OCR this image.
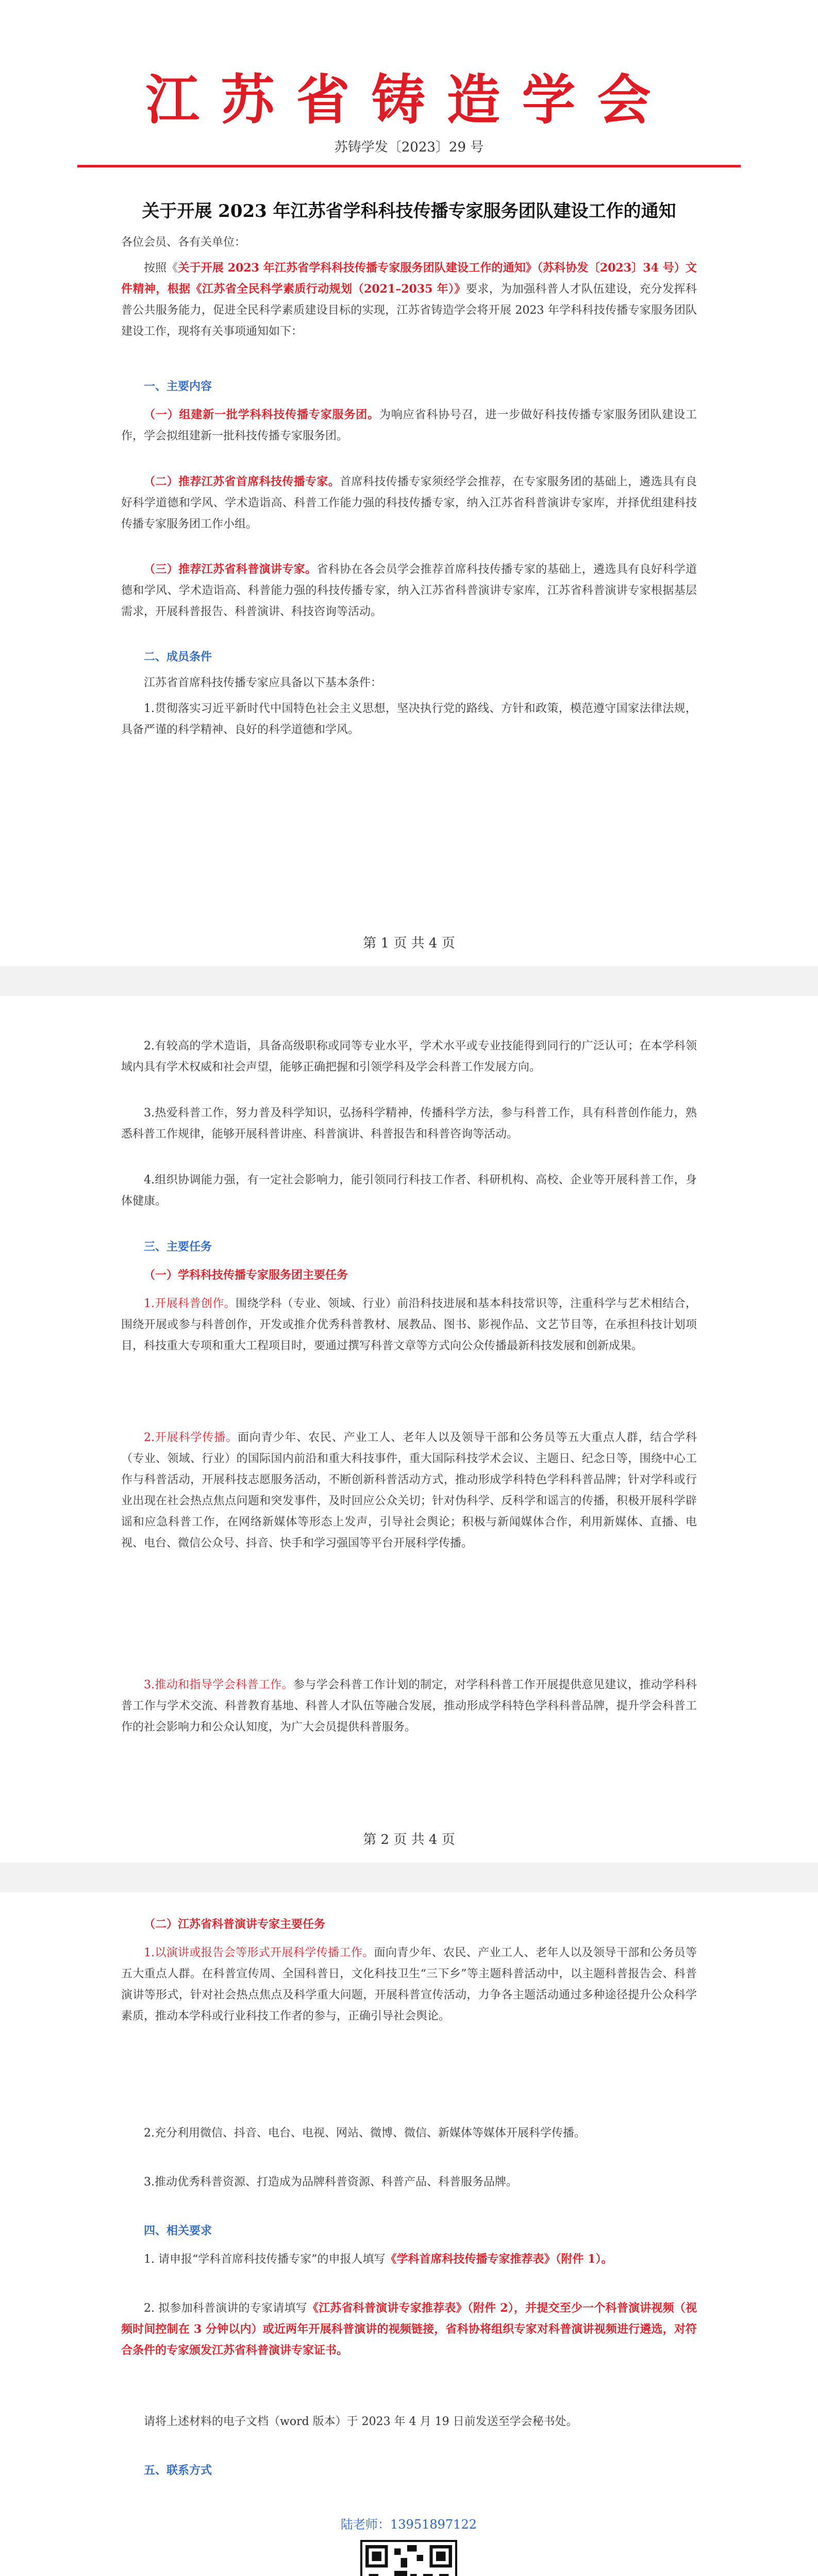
江苏省铸造学会
苏铸学发〔2023〕29 号
关于开展 2023 年江苏省学科科技传播专家服务团队建设工作的通知

各位会员、各有关单位：

按照《关于开展 2023 年江苏省学科科技传播专家服务团队建设工作的通知》（苏科协发〔2023〕34 号）文件精神，根据《江苏省全民科学素质行动规划（2021–2035 年）》要求，为加强科普人才队伍建设，充分发挥科普公共服务能力，促进全民科学素质建设目标的实现，江苏省铸造学会将开展 2023 年学科科技传播专家服务团队建设工作，现将有关事项通知如下：

一、主要内容

（一）组建新一批学科科技传播专家服务团。为响应省科协号召，进一步做好科技传播专家服务团队建设工作，学会拟组建新一批科技传播专家服务团。

（二）推荐江苏省首席科技传播专家。首席科技传播专家须经学会推荐，在专家服务团的基础上，遴选具有良好科学道德和学风、学术造诣高、科普工作能力强的科技传播专家，纳入江苏省科普演讲专家库，并择优组建科技传播专家服务团工作小组。

（三）推荐江苏省科普演讲专家。省科协在各会员学会推荐首席科技传播专家的基础上，遴选具有良好科学道德和学风、学术造诣高、科普能力强的科技传播专家，纳入江苏省科普演讲专家库，江苏省科普演讲专家根据基层需求，开展科普报告、科普演讲、科技咨询等活动。

二、成员条件

江苏省首席科技传播专家应具备以下基本条件：

1.贯彻落实习近平新时代中国特色社会主义思想，坚决执行党的路线、方针和政策，模范遵守国家法律法规，具备严谨的科学精神、良好的科学道德和学风。

第 1 页 共 4 页

2.有较高的学术造诣，具备高级职称或同等专业水平，学术水平或专业技能得到同行的广泛认可；在本学科领域内具有学术权威和社会声望，能够正确把握和引领学科及学会科普工作发展方向。

3.热爱科普工作，努力普及科学知识，弘扬科学精神，传播科学方法，参与科普工作，具有科普创作能力，熟悉科普工作规律，能够开展科普讲座、科普演讲、科普报告和科普咨询等活动。

4.组织协调能力强，有一定社会影响力，能引领同行科技工作者、科研机构、高校、企业等开展科普工作，身体健康。

三、主要任务

（一）学科科技传播专家服务团主要任务

1.开展科普创作。围绕学科（专业、领域、行业）前沿科技进展和基本科技常识等，注重科学与艺术相结合，围绕开展或参与科普创作，开发或推介优秀科普教材、展教品、图书、影视作品、文艺节目等，在承担科技计划项目，科技重大专项和重大工程项目时，要通过撰写科普文章等方式向公众传播最新科技发展和创新成果。

2.开展科学传播。面向青少年、农民、产业工人、老年人以及领导干部和公务员等五大重点人群，结合学科（专业、领域、行业）的国际国内前沿和重大科技事件，重大国际科技学术会议、主题日、纪念日等，围绕中心工作与科普活动，开展科技志愿服务活动，不断创新科普活动方式，推动形成学科特色学科科普品牌；针对学科或行业出现在社会热点焦点问题和突发事件，及时回应公众关切；针对伪科学、反科学和谣言的传播，积极开展科学辟谣和应急科普工作，在网络新媒体等形态上发声，引导社会舆论；积极与新闻媒体合作，利用新媒体、直播、电视、电台、微信公众号、抖音、快手和学习强国等平台开展科学传播。

3.推动和指导学会科普工作。参与学会科普工作计划的制定，对学科科普工作开展提供意见建议，推动学科科普工作与学术交流、科普教育基地、科普人才队伍等融合发展，推动形成学科特色学科科普品牌，提升学会科普工作的社会影响力和公众认知度，为广大会员提供科普服务。

第 2 页 共 4 页

（二）江苏省科普演讲专家主要任务

1.以演讲或报告会等形式开展科学传播工作。面向青少年、农民、产业工人、老年人以及领导干部和公务员等五大重点人群。在科普宣传周、全国科普日，文化科技卫生“三下乡”等主题科普活动中，以主题科普报告会、科普演讲等形式，针对社会热点焦点及科学重大问题，开展科普宣传活动，力争各主题活动通过多种途径提升公众科学素质，推动本学科或行业科技工作者的参与，正确引导社会舆论。

2.充分利用微信、抖音、电台、电视、网站、微博、微信、新媒体等媒体开展科学传播。

3.推动优秀科普资源、打造成为品牌科普资源、科普产品、科普服务品牌。

四、相关要求

1. 请申报“学科首席科技传播专家”的申报人填写《学科首席科技传播专家推荐表》（附件 1）。

2. 拟参加科普演讲的专家请填写《江苏省科普演讲专家推荐表》（附件 2），并提交至少一个科普演讲视频（视频时间控制在 3 分钟以内）或近两年开展科普演讲的视频链接，省科协将组织专家对科普演讲视频进行遴选，对符合条件的专家颁发江苏省科普演讲专家证书。

请将上述材料的电子文档（word 版本）于 2023 年 4 月 19 日前发送至学会秘书处。

五、联系方式

陆老师：13951897122
